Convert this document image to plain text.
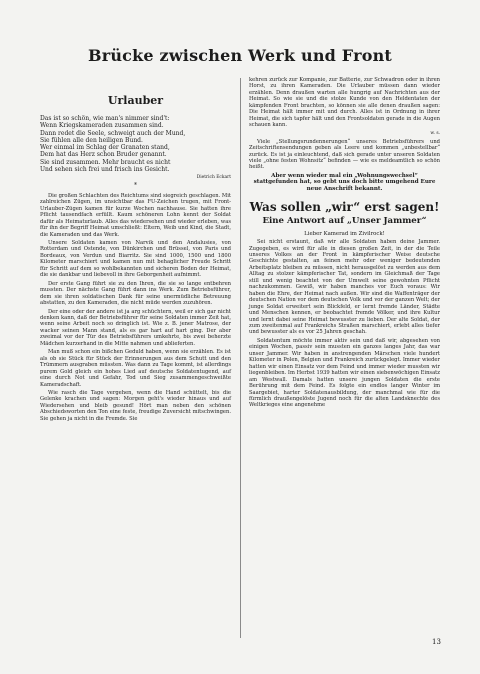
Brücke zwischen Werk und Front
Urlauber
Das ist so schön, wie man's nimmer sind't:
Wenn Kriegskameraden zusammen sind.
Dann redet die Seele, schweigt auch der Mund,
Sie fühlen alle den heiligen Bund.
Wer einmal im Schlag der Granaten stand,
Dem hat das Herz schon Bruder genannt.
Sie sind zusammen. Mehr braucht es nicht
Und sehen sich frei und frisch ins Gesicht.
Dietrich Eckart
*

Die großen Schlachten des Reichtums sind siegreich geschlagen. Mit zahlreichen Zügen, im unsichtbar das FU-Zeichen trugen, mit Front-Urlauber-Zügen kamen für kurze Wochen nachhause. Sie hatten ihre Pflicht tausendfach erfüllt. Kaum schöneren Lohn kennt der Soldat dafür als Heimaturlaub. Alles das wiedersehen und wieder erleben, was für ihn der Begriff Heimat umschließt: Eltern, Weib und Kind, die Stadt, die Kameraden und das Werk.

Unsere Soldaten kamen von Narvik und den Andalusies, von Rotterdam und Ostende, von Dünkirchen und Brüssel, von Paris und Bordeaux, von Verdun und Biarritz. Sie sind 1000, 1500 und 1800 Kilometer marschiert und kamen nun mit behaglicher Freude Schritt für Schritt auf dem so wohlbekannten und sicheren Boden der Heimat, die sie dankbar und liebevoll in ihre Geborgenheit aufnimmt.

Der erste Gang führt sie zu den Ihren, die sie so lange entbehren mussten. Der nächste Gang führt dann ins Werk. Zum Betriebsführer, dem sie ihren soldatischen Dank für seine unermüdliche Betreuung abstatten, zu den Kameraden, die nicht müde werden zuzuhören.

Der eine oder der andere ist ja arg schüchtern, weil er sich gar nicht denken kann, daß der Betriebsführer für seine Soldaten immer Zeit hat, wenn seine Arbeit noch so dringlich ist. Wie z. B. jener Matrose, der wacker seinen Mann stand, als es gar hart auf hart ging. Der aber zweimal vor der Tür des Betriebsführers umkehrte, bis zwei beherzte Mädchen kurzerhand in die Mitte nahmen und ablieferten.

Man muß schon ein bißchen Geduld haben, wenn sie erzählen. Es ist als ob sie Stück für Stück der Erinnerungen aus dem Schutt und den Trümmern ausgraben müssten. Was dann zu Tage kommt, ist allerdings purem Gold gleich ein hohes Lied auf deutsche Soldatentugend, auf eine durch Not und Gefahr, Tod und Sieg zusammengeschweißte Kameradschaft.

Wie rasch die Tage vergehen, wenn die Hand schüttelt, bis die Gelenke krachen und sagen: Morgen geht's wieder hinaus und auf Wiedersehen und bleib gesund! Hört man neben den schönen Abschiedsworten den Ton eine feste, freudige Zuversicht mitschwingen. Sie gehen ja nicht in die Fremde. Sie

kehren zurück zur Kompanie, zur Batterie, zur Schwadron oder in ihren Horst, zu ihren Kameraden. Die Urlauber müssen dann wieder erzählen. Denn draußen warten alle hungrig auf Nachrichten aus der Heimat. So wie sie und die stolze Kunde von den Heldentaten der kämpfenden Front brachten, so können sie alle denen draußen sagen: Die Heimat hält immer mit und durch. Alles ist in Ordnung in ihrer Heimat, die sich tapfer hält und den Frontsoldaten gerade in die Augen schauen kann.

w. s.

Viele „Stellungsrundennerungen“ unseres Betriebsführers und Zeitschriftensendungen geben als Leere und kommen „unbestellbar“ zurück. Es ist ja einleuchtend, daß sich gerade unter unseren Soldaten viele „ohne festen Wohnsitz“ befinden — wie es meldeamtlich so schön heißt.

Aber wenn wieder mal ein „Wohnungswechsel“ stattgefunden hat, so gebt uns doch bitte umgehend Eure neue Anschrift bekannt.

Was sollen „wir“ erst sagen!
Eine Antwort auf „Unser Jammer“

Lieber Kamerad im Zivilrock!

Sei nicht erstaunt, daß wir alle Soldaten haben deine Jammer. Zugegeben, es wird für alle in diesen großen Zeit, in der die Teile unseres Volkes an der Front in kämpferischer Weise deutsche Geschichte gestalten, an feinen mehr oder weniger bedeutenden Arbeitsplatz bleiben zu müssen, nicht herausgelöst zu werden aus dem Alltag zu stolzer kämpferischer Tat, sondern im Gleichmaß der Tage still und wenig beachtet von der Umwelt seine gewohnten Pflicht nachzukommen. Gewiß, wir haben manches vor Euch voraus: Wir haben die Ehre, der Heimat nach außen. Wir sind die Waffenträger der deutschen Nation vor dem deutschen Volk und vor der ganzen Welt; der junge Soldat erweitert sein Blickfeld, er lernt fremde Länder, Städte und Menschen kennen, er beobachtet fremde Völker, und ihre Kultur und lernt dabei seine Heimat bewusster zu lieben. Der alte Soldat, der zum zweitenmal auf Frankreichs Straßen marschiert, erlebt alles tiefer und bewusster als es vor 25 Jahren geschah.

Soldatentum möchte immer aktiv sein und daß wir, abgesehen von einigen Wochen, passiv sein mussten ein ganzes langes Jahr, das war unser Jammer. Wir haben in anstrengenden Märschen viele hundert Kilometer in Polen, Belgien und Frankreich zurückgelegt. Immer wieder hatten wir einen Einsatz vor dem Feind und immer wieder mussten wir liegenbleiben. Im Herbst 1939 hatten wir einen siebenwöchigen Einsatz am Westwall. Damals hatten unsere jungen Soldaten die erste Berührung mit dem Feind. Es folgte ein endlos langer Winter im Saargebiet, harter Soldatenausbildung, der manchmal wie für die fürmlich draußengelöste Jugend noch für die alten Landsknechte des Weltkrieges eine angenehme

13
